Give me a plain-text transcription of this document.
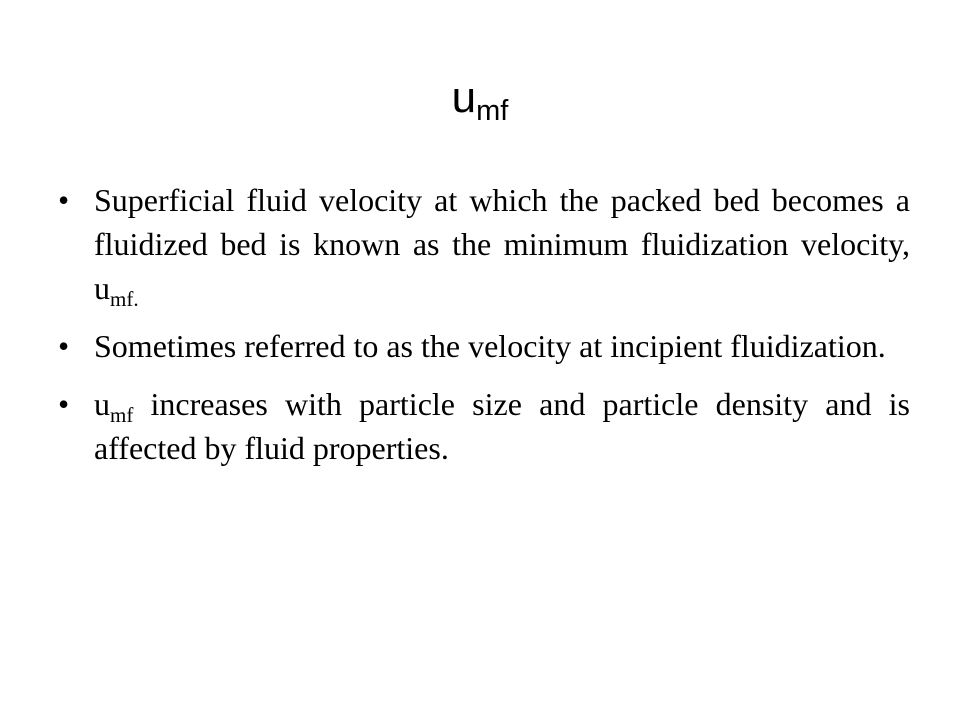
$u_{mf}$
• Superficial fluid velocity at which the packed bed becomes a fluidized bed is known as the minimum fluidization velocity, $u_{mf.}$
• Sometimes referred to as the velocity at incipient fluidization.
• $u_{mf}$ increases with particle size and particle density and is affected by fluid properties.
